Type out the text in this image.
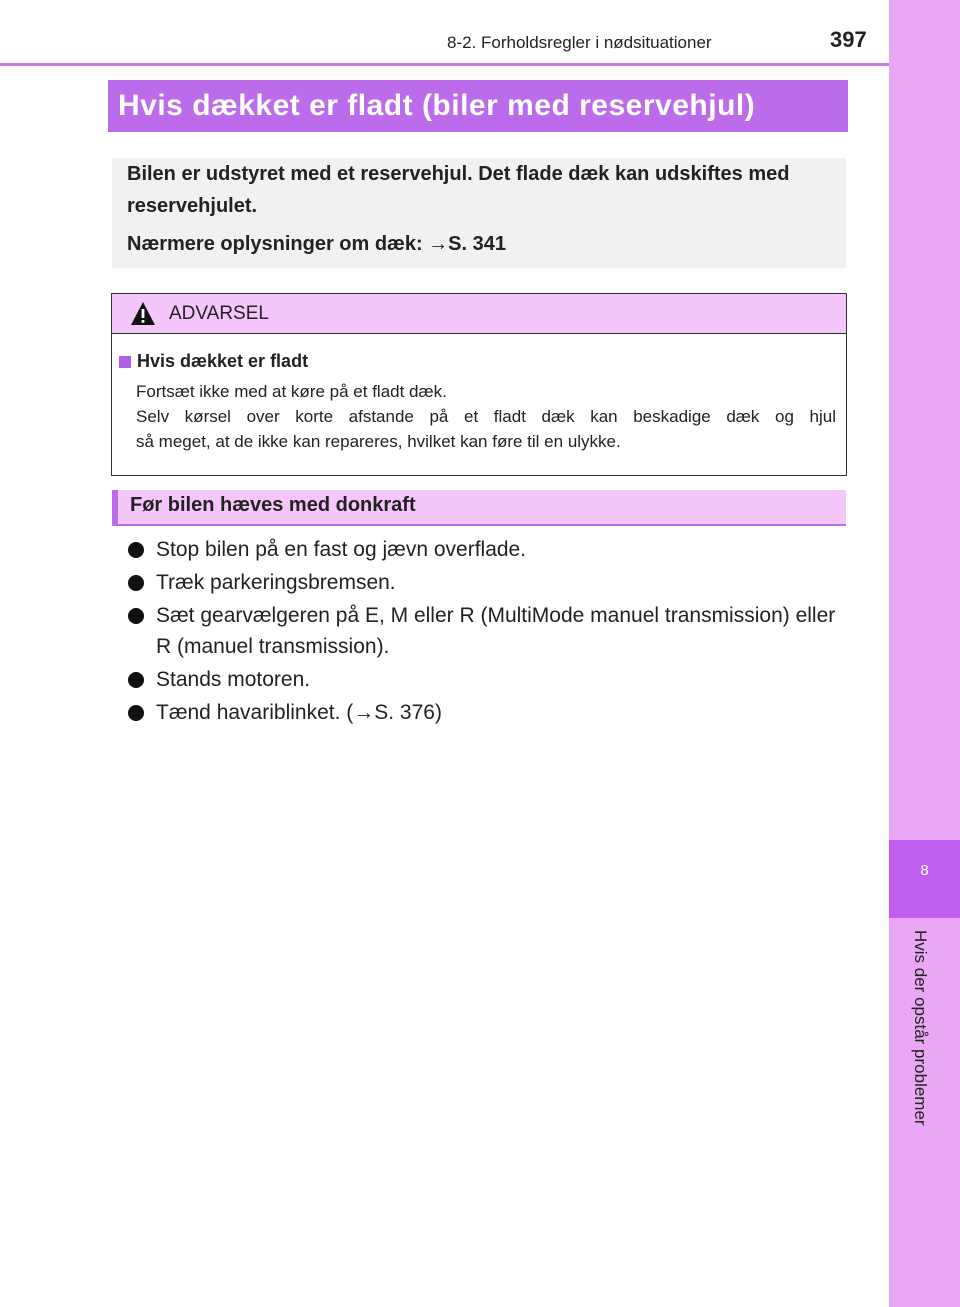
8-2. Forholdsregler i nødsituationer	397
Hvis dækket er fladt (biler med reservehjul)

Bilen er udstyret med et reservehjul. Det flade dæk kan udskiftes med reservehjulet.

Nærmere oplysninger om dæk: →S. 341

ADVARSEL
Hvis dækket er fladt
Fortsæt ikke med at køre på et fladt dæk.
Selv kørsel over korte afstande på et fladt dæk kan beskadige dæk og hjul
så meget, at de ikke kan repareres, hvilket kan føre til en ulykke.
Før bilen hæves med donkraft
Stop bilen på en fast og jævn overflade.
Træk parkeringsbremsen.
Sæt gearvælgeren på E, M eller R (MultiMode manuel transmission) eller R (manuel transmission).
Stands motoren.
Tænd havariblinket. (→S. 376)
8
Hvis der opstår problemer
